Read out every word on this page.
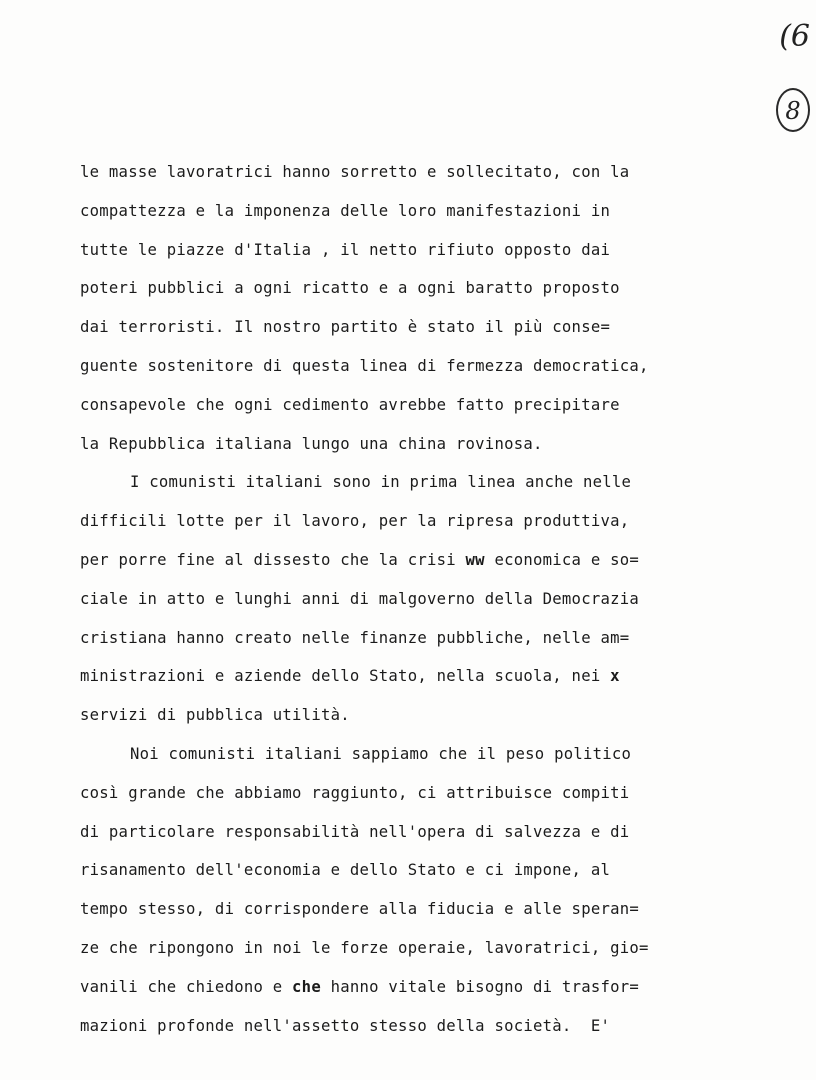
(6
8
le masse lavoratrici hanno sorretto e sollecitato, con la
compattezza e la imponenza delle loro manifestazioni in
tutte le piazze d'Italia , il netto rifiuto opposto dai
poteri pubblici a ogni ricatto e a ogni baratto proposto
dai terroristi. Il nostro partito è stato il più conse=
guente sostenitore di questa linea di fermezza democratica,
consapevole che ogni cedimento avrebbe fatto precipitare
la Repubblica italiana lungo una china rovinosa.
I comunisti italiani sono in prima linea anche nelle
difficili lotte per il lavoro, per la ripresa produttiva,
per porre fine al dissesto che la crisi ww economica e so=
ciale in atto e lunghi anni di malgoverno della Democrazia
cristiana hanno creato nelle finanze pubbliche, nelle am=
ministrazioni e aziende dello Stato, nella scuola, nei x
servizi di pubblica utilità.
Noi comunisti italiani sappiamo che il peso politico
così grande che abbiamo raggiunto, ci attribuisce compiti
di particolare responsabilità nell'opera di salvezza e di
risanamento dell'economia e dello Stato e ci impone, al
tempo stesso, di corrispondere alla fiducia e alle speran=
ze che ripongono in noi le forze operaie, lavoratrici, gio=
vanili che chiedono e che hanno vitale bisogno di trasfor=
mazioni profonde nell'assetto stesso della società.  E'
